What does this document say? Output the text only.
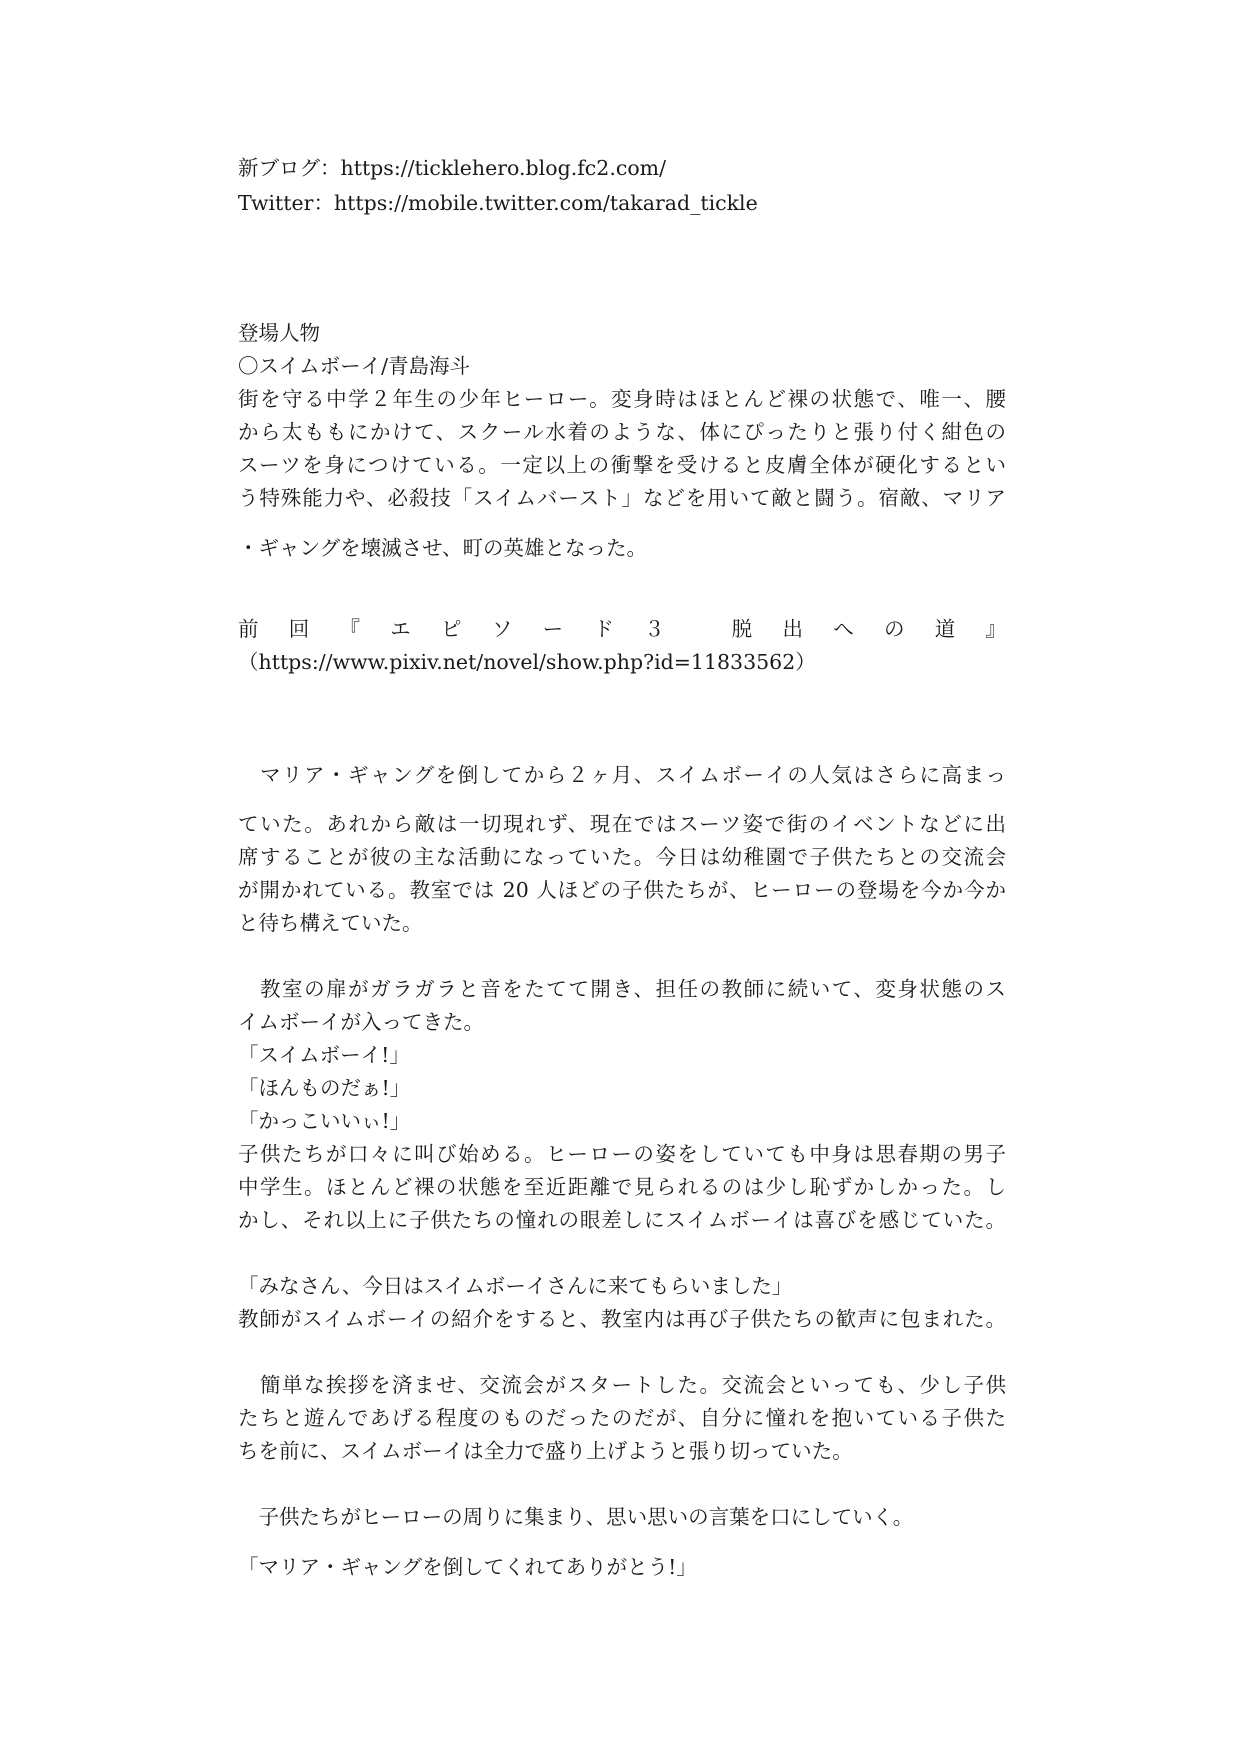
新ブログ：https://ticklehero.blog.fc2.com/
Twitter：https://mobile.twitter.com/takarad_tickle
登場人物
〇スイムボーイ/青島海斗
街を守る中学２年生の少年ヒーロー。変身時はほとんど裸の状態で、唯一、腰
から太ももにかけて、スクール水着のような、体にぴったりと張り付く紺色の
スーツを身につけている。一定以上の衝撃を受けると皮膚全体が硬化するとい
う特殊能力や、必殺技「スイムバースト」などを用いて敵と闘う。宿敵、マリア
・ギャングを壊滅させ、町の英雄となった。
前回『エピソード３ 脱出への道』
（https://www.pixiv.net/novel/show.php?id=11833562）
　マリア・ギャングを倒してから２ヶ月、スイムボーイの人気はさらに高まっ
ていた。あれから敵は一切現れず、現在ではスーツ姿で街のイベントなどに出
席することが彼の主な活動になっていた。今日は幼稚園で子供たちとの交流会
が開かれている。教室では 20 人ほどの子供たちが、ヒーローの登場を今か今か
と待ち構えていた。
　教室の扉がガラガラと音をたてて開き、担任の教師に続いて、変身状態のス
イムボーイが入ってきた。
「スイムボーイ!」
「ほんものだぁ!」
「かっこいいぃ!」
子供たちが口々に叫び始める。ヒーローの姿をしていても中身は思春期の男子
中学生。ほとんど裸の状態を至近距離で見られるのは少し恥ずかしかった。し
かし、それ以上に子供たちの憧れの眼差しにスイムボーイは喜びを感じていた。
「みなさん、今日はスイムボーイさんに来てもらいました」
教師がスイムボーイの紹介をすると、教室内は再び子供たちの歓声に包まれた。
　簡単な挨拶を済ませ、交流会がスタートした。交流会といっても、少し子供
たちと遊んであげる程度のものだったのだが、自分に憧れを抱いている子供た
ちを前に、スイムボーイは全力で盛り上げようと張り切っていた。
　子供たちがヒーローの周りに集まり、思い思いの言葉を口にしていく。
「マリア・ギャングを倒してくれてありがとう!」
